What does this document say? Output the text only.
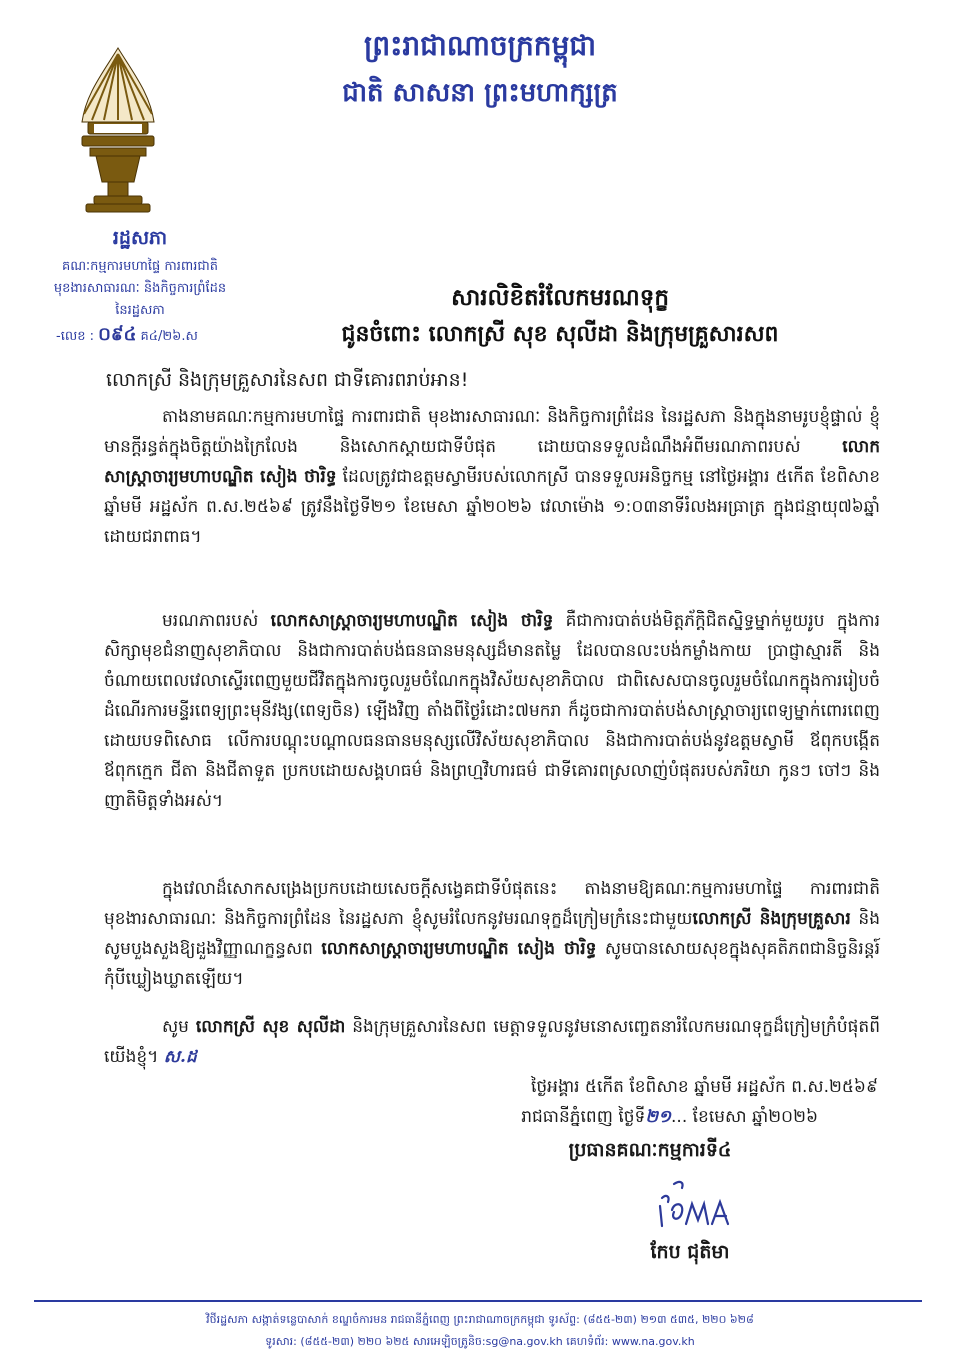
ព្រះរាជាណាចក្រកម្ពុជា
ជាតិ សាសនា ព្រះមហាក្សត្រ
រដ្ឋសភា
គណៈកម្មការមហាផ្ទៃ ការពារជាតិ
មុខងារសាធារណៈ និងកិច្ចការព្រំដែន
នៃរដ្ឋសភា
-លេខ : ០៩៤ គ៤/២៦.ស
សារលិខិតរំលែកមរណទុក្ខ
ជូនចំពោះ លោកស្រី សុខ សុលីដា និងក្រុមគ្រួសារសព
លោកស្រី និងក្រុមគ្រួសារនៃសព ជាទីគោរពរាប់អាន!

តាងនាមគណៈកម្មការមហាផ្ទៃ ការពារជាតិ មុខងារសាធារណៈ និងកិច្ចការព្រំដែន នៃរដ្ឋសភា និងក្នុងនាមរូបខ្ញុំផ្ទាល់ ខ្ញុំមានក្ដីរន្ធត់ក្នុងចិត្តយ៉ាងក្រៃលែង និងសោកស្ដាយជាទីបំផុត ដោយបានទទួលដំណឹងអំពីមរណភាពរបស់ លោកសាស្ត្រាចារ្យមហាបណ្ឌិត សៀង ថារិទ្ធ ដែលត្រូវជាឧត្តមស្វាមីរបស់លោកស្រី បានទទួលអនិច្ចកម្ម នៅថ្ងៃអង្គារ ៥កើត ខែពិសាខ ឆ្នាំមមី អដ្ឋស័ក ព.ស.២៥៦៩ ត្រូវនឹងថ្ងៃទី២១ ខែមេសា ឆ្នាំ២០២៦ វេលាម៉ោង ១:០៣នាទីរំលងអធ្រាត្រ ក្នុងជន្មាយុ៧៦ឆ្នាំ ដោយជរាពាធ។

មរណភាពរបស់ លោកសាស្ត្រាចារ្យមហាបណ្ឌិត សៀង ថារិទ្ធ គឺជាការបាត់បង់មិត្តភ័ក្ដិជិតស្និទ្ធម្នាក់មួយរូប ក្នុងការសិក្សាមុខជំនាញសុខាភិបាល និងជាការបាត់បង់ធនធានមនុស្សដ៏មានតម្លៃ ដែលបានលះបង់កម្លាំងកាយ ប្រាជ្ញាស្មារតី និងចំណាយពេលវេលាស្ទើរពេញមួយជីវិតក្នុងការចូលរួមចំណែកក្នុងវិស័យសុខាភិបាល ជាពិសេសបានចូលរួមចំណែកក្នុងការរៀបចំដំណើរការមន្ទីរពេទ្យព្រះមុនីវង្ស(ពេទ្យចិន) ឡើងវិញ តាំងពីថ្ងៃរំដោះ៧មករា ក៏ដូចជាការបាត់បង់សាស្ត្រាចារ្យពេទ្យម្នាក់ពោរពេញដោយបទពិសោធ លើការបណ្ដុះបណ្ដាលធនធានមនុស្សលើវិស័យសុខាភិបាល និងជាការបាត់បង់នូវឧត្តមស្វាមី ឪពុកបង្កើត ឪពុកក្មេក ជីតា និងជីតាទួត ប្រកបដោយសង្គហធម៌ និងព្រហ្មវិហារធម៌ ជាទីគោរពស្រលាញ់បំផុតរបស់ភរិយា កូនៗ ចៅៗ និងញាតិមិត្តទាំងអស់។

ក្នុងវេលាដ៏សោកសង្រេងប្រកបដោយសេចក្ដីសង្វេគជាទីបំផុតនេះ តាងនាមឱ្យគណៈកម្មការមហាផ្ទៃ ការពារជាតិ មុខងារសាធារណៈ និងកិច្ចការព្រំដែន នៃរដ្ឋសភា ខ្ញុំសូមរំលែកនូវមរណទុក្ខដ៏ក្រៀមក្រំនេះជាមួយលោកស្រី និងក្រុមគ្រួសារ និងសូមបួងសួងឱ្យដួងវិញ្ញាណក្ខន្ធសព លោកសាស្ត្រាចារ្យមហាបណ្ឌិត សៀង ថារិទ្ធ សូមបានសោយសុខក្នុងសុគតិភពជានិច្ចនិរន្តរ៍កុំបីឃ្លៀងឃ្លាតឡើយ។

សូម លោកស្រី សុខ សុលីដា និងក្រុមគ្រួសារនៃសព មេត្តាទទួលនូវមនោសញ្ចេតនារំលែកមរណទុក្ខដ៏ក្រៀមក្រំបំផុតពីយើងខ្ញុំ។ ស.ដ

ថ្ងៃអង្គារ ៥កើត ខែពិសាខ ឆ្នាំមមី អដ្ឋស័ក ព.ស.២៥៦៩
រាជធានីភ្នំពេញ ថ្ងៃទី២១... ខែមេសា ឆ្នាំ២០២៦
ប្រធានគណៈកម្មការទី៤
កែប ជុតិមា
វិថីរដ្ឋសភា សង្កាត់ទន្លេបាសាក់ ខណ្ឌចំការមន រាជធានីភ្នំពេញ ព្រះរាជាណាចក្រកម្ពុជា ទូរស័ព្ទ: (៨៥៥-២៣) ២១៣ ៥៣៥, ២២០ ៦២៨
ទូរសារ: (៨៥៥-២៣) ២២០ ៦២៥ សារអេឡិចត្រូនិច:sg@na.gov.kh គេហទំព័រ: www.na.gov.kh
